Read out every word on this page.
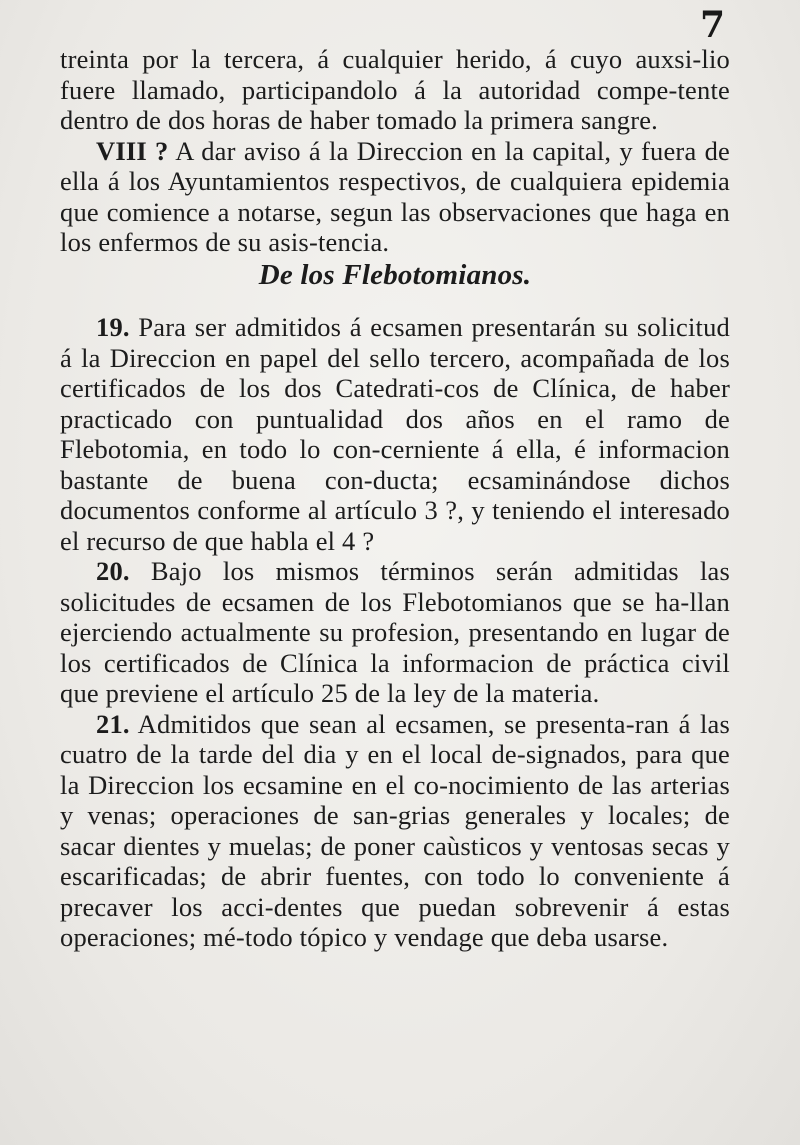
7

treinta por la tercera, á cualquier herido, á cuyo auxsi-lio fuere llamado, participandolo á la autoridad compe-tente dentro de dos horas de haber tomado la primera sangre.

VIII ? A dar aviso á la Direccion en la capital, y fuera de ella á los Ayuntamientos respectivos, de cualquiera epidemia que comience a notarse, segun las observaciones que haga en los enfermos de su asis-tencia.

De los Flebotomianos.

19. Para ser admitidos á ecsamen presentarán su solicitud á la Direccion en papel del sello tercero, acompañada de los certificados de los dos Catedrati-cos de Clínica, de haber practicado con puntualidad dos años en el ramo de Flebotomia, en todo lo con-cerniente á ella, é informacion bastante de buena con-ducta; ecsaminándose dichos documentos conforme al artículo 3 ?, y teniendo el interesado el recurso de que habla el 4 ?

20. Bajo los mismos términos serán admitidas las solicitudes de ecsamen de los Flebotomianos que se ha-llan ejerciendo actualmente su profesion, presentando en lugar de los certificados de Clínica la informacion de práctica civil que previene el artículo 25 de la ley de la materia.

21. Admitidos que sean al ecsamen, se presenta-ran á las cuatro de la tarde del dia y en el local de-signados, para que la Direccion los ecsamine en el co-nocimiento de las arterias y venas; operaciones de san-grias generales y locales; de sacar dientes y muelas; de poner caùsticos y ventosas secas y escarificadas; de abrir fuentes, con todo lo conveniente á precaver los acci-dentes que puedan sobrevenir á estas operaciones; mé-todo tópico y vendage que deba usarse.
